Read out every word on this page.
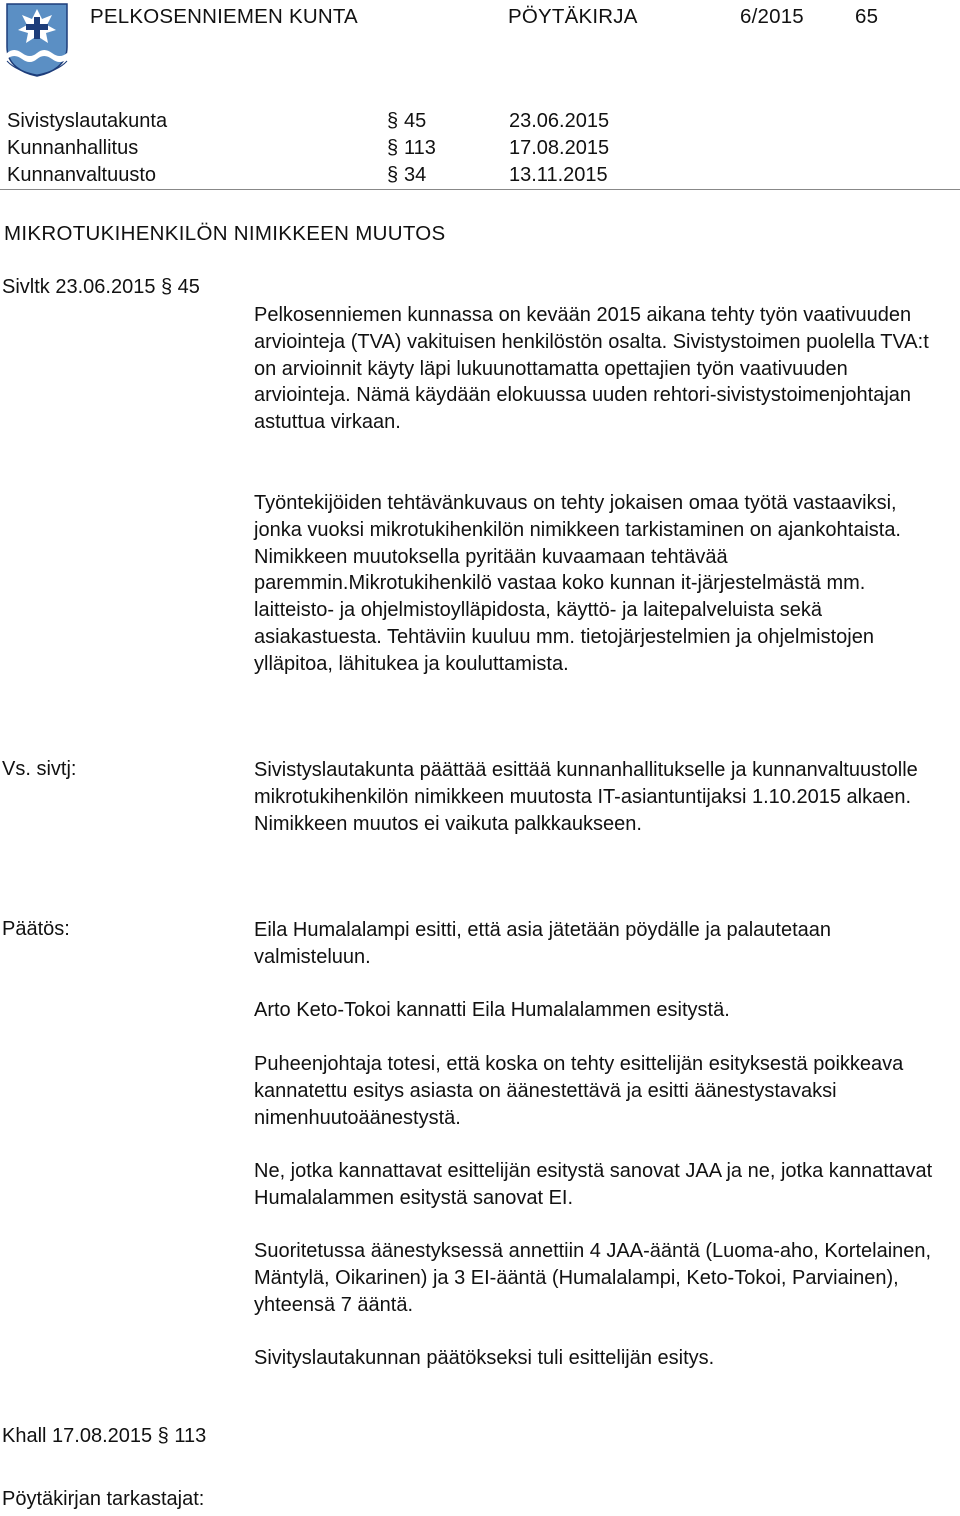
PELKOSENNIEMEN KUNTA	PÖYTÄKIRJA	6/2015 65
Sivistyslautakunta	§ 45	23.06.2015
Kunnanhallitus	§ 113	17.08.2015
Kunnanvaltuusto	§ 34	13.11.2015
MIKROTUKIHENKILÖN NIMIKKEEN MUUTOS
Sivltk 23.06.2015 § 45
Pelkosenniemen kunnassa on kevään 2015 aikana tehty työn vaativuuden arviointeja (TVA) vakituisen henkilöstön osalta. Sivistystoimen puolella TVA:t on arvioinnit käyty läpi lukuunottamatta opettajien työn vaativuuden arviointeja. Nämä käydään elokuussa uuden rehtori-sivistystoimenjohtajan astuttua virkaan.
Työntekijöiden tehtävänkuvaus on tehty jokaisen omaa työtä vastaaviksi, jonka vuoksi mikrotukihenkilön nimikkeen tarkistaminen on ajankohtaista. Nimikkeen muutoksella pyritään kuvaamaan tehtävää paremmin.Mikrotukihenkilö vastaa koko kunnan it-järjestelmästä mm. laitteisto- ja ohjelmistoylläpidosta, käyttö- ja laitepalveluista sekä asiakastuesta. Tehtäviin kuuluu mm. tietojärjestelmien ja ohjelmistojen ylläpitoa, lähitukea ja kouluttamista.
Vs. sivtj:	Sivistyslautakunta päättää esittää kunnanhallitukselle ja kunnanvaltuustolle mikrotukihenkilön nimikkeen muutosta IT-asiantuntijaksi 1.10.2015 alkaen. Nimikkeen muutos ei vaikuta palkkaukseen.
Päätös:	Eila Humalalampi esitti, että asia jätetään pöydälle ja palautetaan valmisteluun.
Arto Keto-Tokoi kannatti Eila Humalalammen esitystä.
Puheenjohtaja totesi, että koska on tehty esittelijän esityksestä poikkeava kannatettu esitys asiasta on äänestettävä ja esitti äänestystavaksi nimenhuutoäänestystä.
Ne, jotka kannattavat esittelijän esitystä sanovat JAA ja ne, jotka kannattavat Humalalammen esitystä sanovat EI.
Suoritetussa äänestyksessä annettiin 4 JAA-ääntä (Luoma-aho, Kortelainen, Mäntylä, Oikarinen) ja 3 EI-ääntä (Humalalampi, Keto-Tokoi, Parviainen), yhteensä 7 ääntä.
Sivityslautakunnan päätökseksi tuli esittelijän esitys.
Khall 17.08.2015 § 113
Pöytäkirjan tarkastajat:
